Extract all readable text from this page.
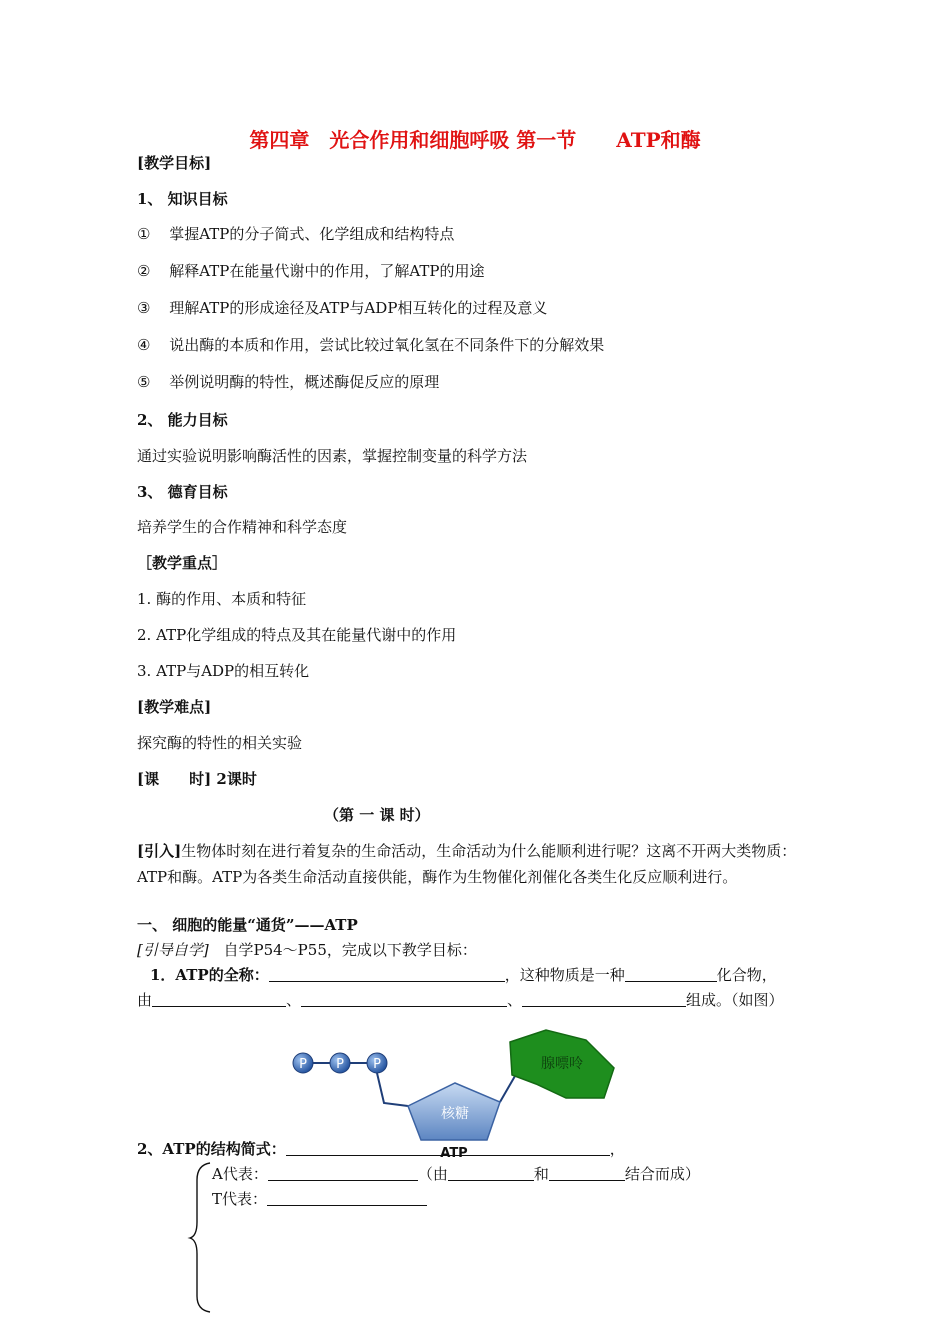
第四章　光合作用和细胞呼吸 第一节　　ATP和酶
[教学目标]
1、 知识目标
① 掌握ATP的分子简式、化学组成和结构特点
② 解释ATP在能量代谢中的作用，了解ATP的用途
③ 理解ATP的形成途径及ATP与ADP相互转化的过程及意义
④ 说出酶的本质和作用，尝试比较过氧化氢在不同条件下的分解效果
⑤ 举例说明酶的特性，概述酶促反应的原理
2、 能力目标
通过实验说明影响酶活性的因素，掌握控制变量的科学方法
3、 德育目标
培养学生的合作精神和科学态度
［教学重点］
1. 酶的作用、本质和特征
2. ATP化学组成的特点及其在能量代谢中的作用
3. ATP与ADP的相互转化
[教学难点]
探究酶的特性的相关实验
[课　　时] 2课时
（第 一 课 时）
[引入]生物体时刻在进行着复杂的生命活动，生命活动为什么能顺利进行呢？这离不开两大类物质：ATP和酶。ATP为各类生命活动直接供能，酶作为生物催化剂催化各类生化反应顺利进行。
一、 细胞的能量“通货”——ATP
[引导自学] 自学P54～P55，完成以下教学目标：
1．ATP的全称：	，这种物质是一种	化合物，
由	、	、	组成。（如图）
P P P
核糖
腺嘌呤
ATP
2、ATP的结构简式：	，
A代表：	（由	和	结合而成）
T代表：
